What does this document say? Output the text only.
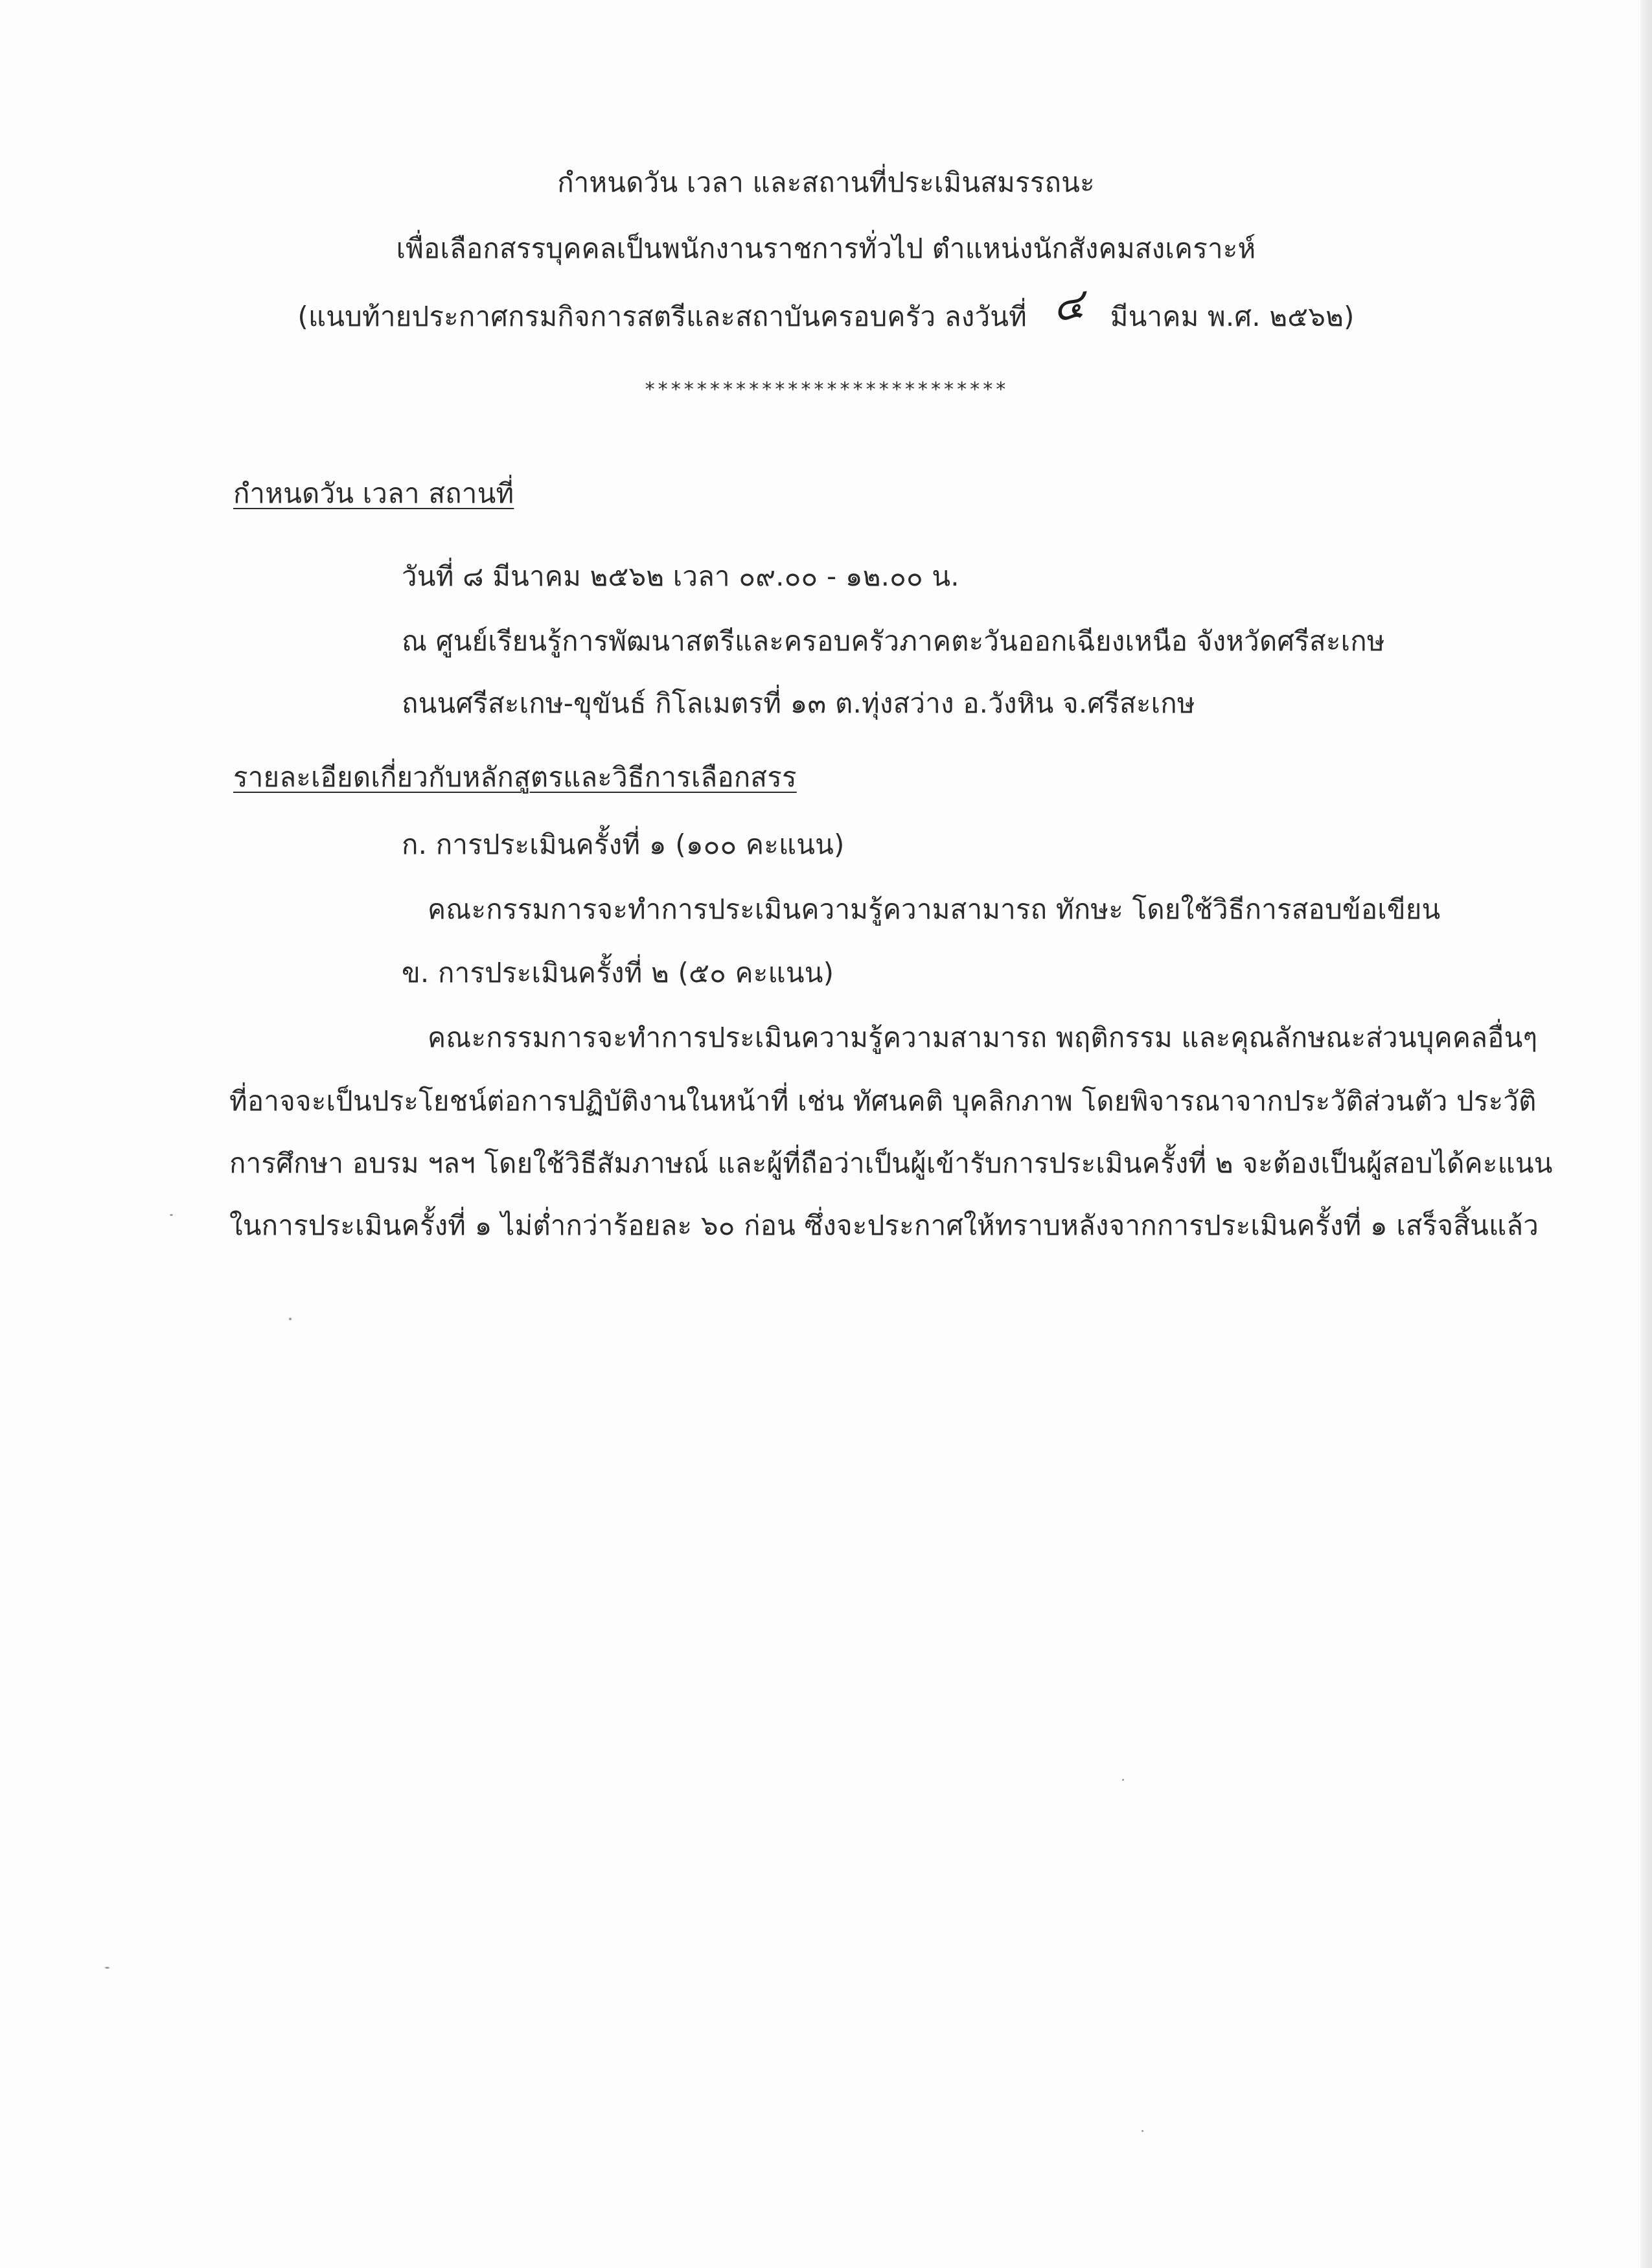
กำหนดวัน เวลา และสถานที่ประเมินสมรรถนะ
เพื่อเลือกสรรบุคคลเป็นพนักงานราชการทั่วไป ตำแหน่งนักสังคมสงเคราะห์
(แนบท้ายประกาศกรมกิจการสตรีและสถาบันครอบครัว ลงวันที่ ๔ มีนาคม พ.ศ. ๒๕๖๒)
****************************
กำหนดวัน เวลา สถานที่
วันที่ ๘ มีนาคม ๒๕๖๒ เวลา ๐๙.๐๐ - ๑๒.๐๐ น.
ณ ศูนย์เรียนรู้การพัฒนาสตรีและครอบครัวภาคตะวันออกเฉียงเหนือ จังหวัดศรีสะเกษ
ถนนศรีสะเกษ-ขุขันธ์ กิโลเมตรที่ ๑๓ ต.ทุ่งสว่าง อ.วังหิน จ.ศรีสะเกษ
รายละเอียดเกี่ยวกับหลักสูตรและวิธีการเลือกสรร
ก. การประเมินครั้งที่ ๑ (๑๐๐ คะแนน)
คณะกรรมการจะทำการประเมินความรู้ความสามารถ ทักษะ โดยใช้วิธีการสอบข้อเขียน
ข. การประเมินครั้งที่ ๒ (๕๐ คะแนน)
คณะกรรมการจะทำการประเมินความรู้ความสามารถ พฤติกรรม และคุณลักษณะส่วนบุคคลอื่นๆ
ที่อาจจะเป็นประโยชน์ต่อการปฏิบัติงานในหน้าที่ เช่น ทัศนคติ บุคลิกภาพ โดยพิจารณาจากประวัติส่วนตัว ประวัติ
การศึกษา อบรม ฯลฯ โดยใช้วิธีสัมภาษณ์ และผู้ที่ถือว่าเป็นผู้เข้ารับการประเมินครั้งที่ ๒ จะต้องเป็นผู้สอบได้คะแนน
ในการประเมินครั้งที่ ๑ ไม่ต่ำกว่าร้อยละ ๖๐ ก่อน ซึ่งจะประกาศให้ทราบหลังจากการประเมินครั้งที่ ๑ เสร็จสิ้นแล้ว
